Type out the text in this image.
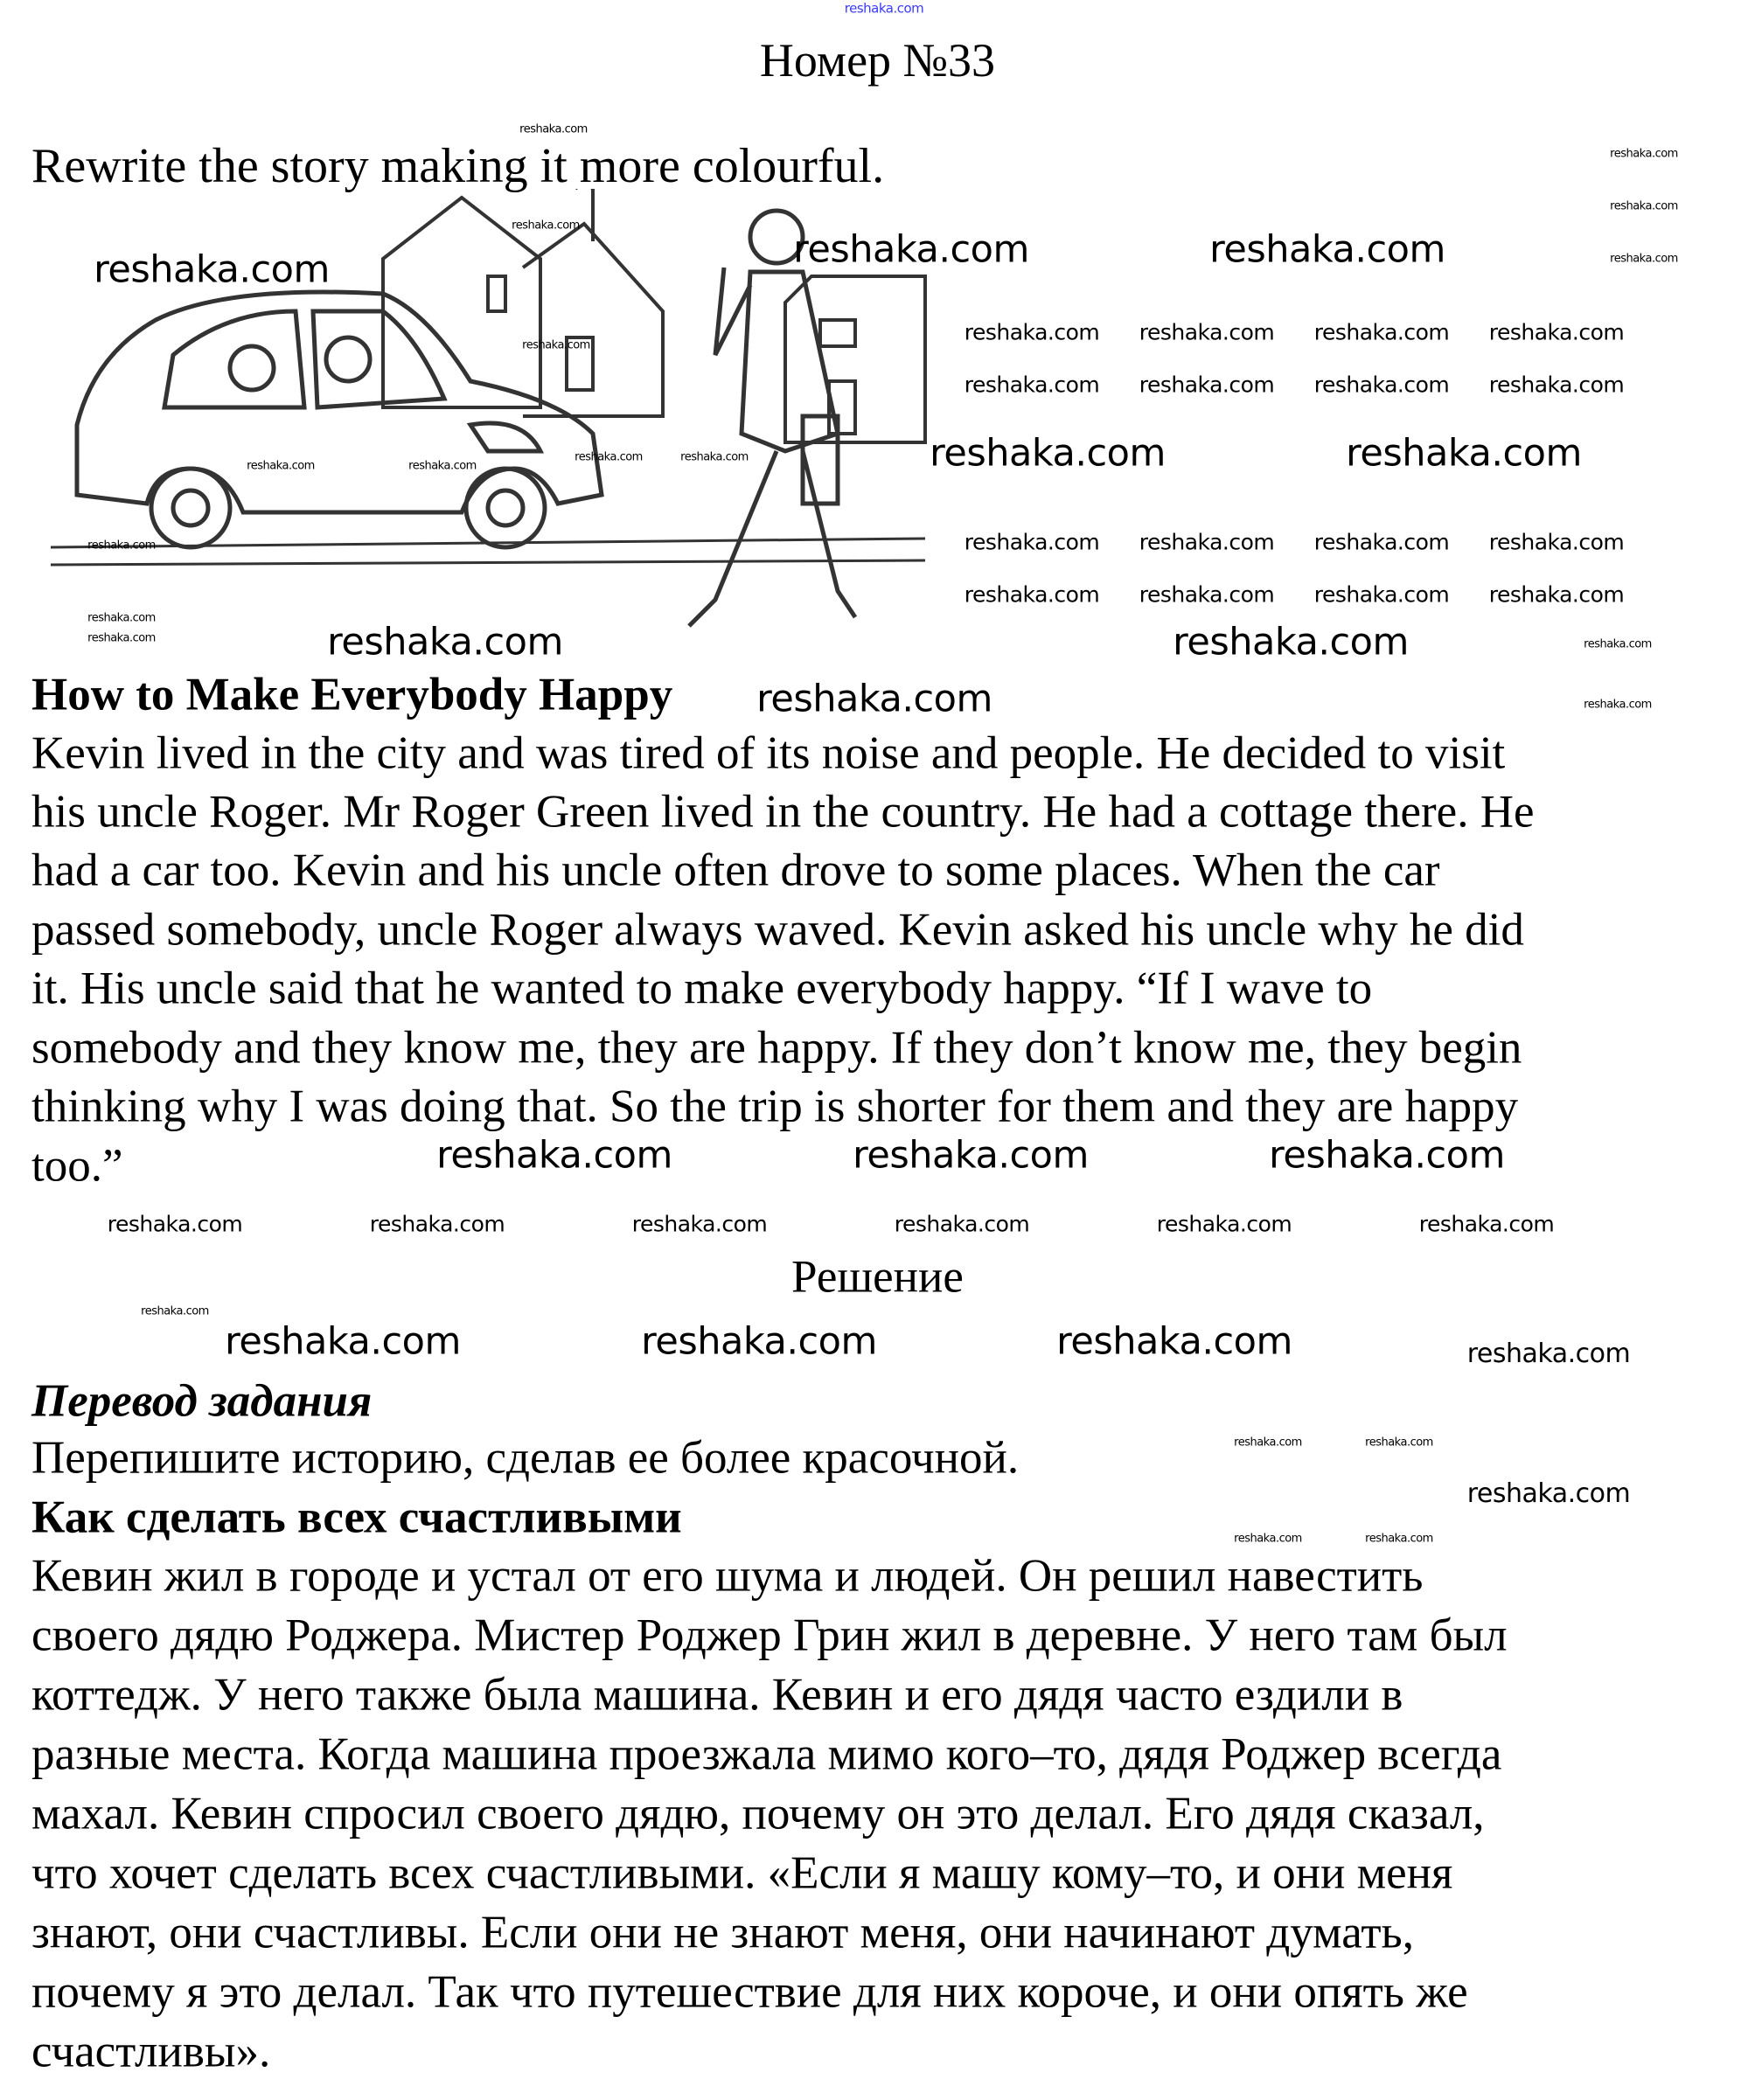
reshaka.com
Номер №33
Rewrite the story making it more colourful.
How to Make Everybody Happy
Kevin lived in the city and was tired of its noise and people. He decided to visit
his uncle Roger. Mr Roger Green lived in the country. He had a cottage there. He
had a car too. Kevin and his uncle often drove to some places. When the car
passed somebody, uncle Roger always waved. Kevin asked his uncle why he did
it. His uncle said that he wanted to make everybody happy. “If I wave to
somebody and they know me, they are happy. If they don’t know me, they begin
thinking why I was doing that. So the trip is shorter for them and they are happy
too.”
Решение
Перевод задания
Перепишите историю, сделав ее более красочной.
Как сделать всех счастливыми
Кевин жил в городе и устал от его шума и людей. Он решил навестить
своего дядю Роджера. Мистер Роджер Грин жил в деревне. У него там был
коттедж. У него также была машина. Кевин и его дядя часто ездили в
разные места. Когда машина проезжала мимо кого–то, дядя Роджер всегда
махал. Кевин спросил своего дядю, почему он это делал. Его дядя сказал,
что хочет сделать всех счастливыми. «Если я машу кому–то, и они меня
знают, они счастливы. Если они не знают меня, они начинают думать,
почему я это делал. Так что путешествие для них короче, и они опять же
счастливы».
reshaka.com	reshaka.com	reshaka.com
reshaka.com	reshaka.com
reshaka.com	reshaka.com
reshaka.com
reshaka.com	reshaka.com	reshaka.com
reshaka.com	reshaka.com	reshaka.com	reshaka.com
reshaka.com
reshaka.com reshaka.com reshaka.com reshaka.com
reshaka.com reshaka.com reshaka.com reshaka.com
reshaka.com reshaka.com reshaka.com reshaka.com
reshaka.com reshaka.com reshaka.com reshaka.com
reshaka.com	reshaka.com	reshaka.com	reshaka.com	reshaka.com	reshaka.com
reshaka.com
reshaka.com
reshaka.com
reshaka.com
reshaka.com
reshaka.com
reshaka.com	reshaka.com
reshaka.com	reshaka.com
reshaka.com
reshaka.com
reshaka.com	reshaka.com
reshaka.com
reshaka.com	reshaka.com
reshaka.com	reshaka.com
reshaka.com
